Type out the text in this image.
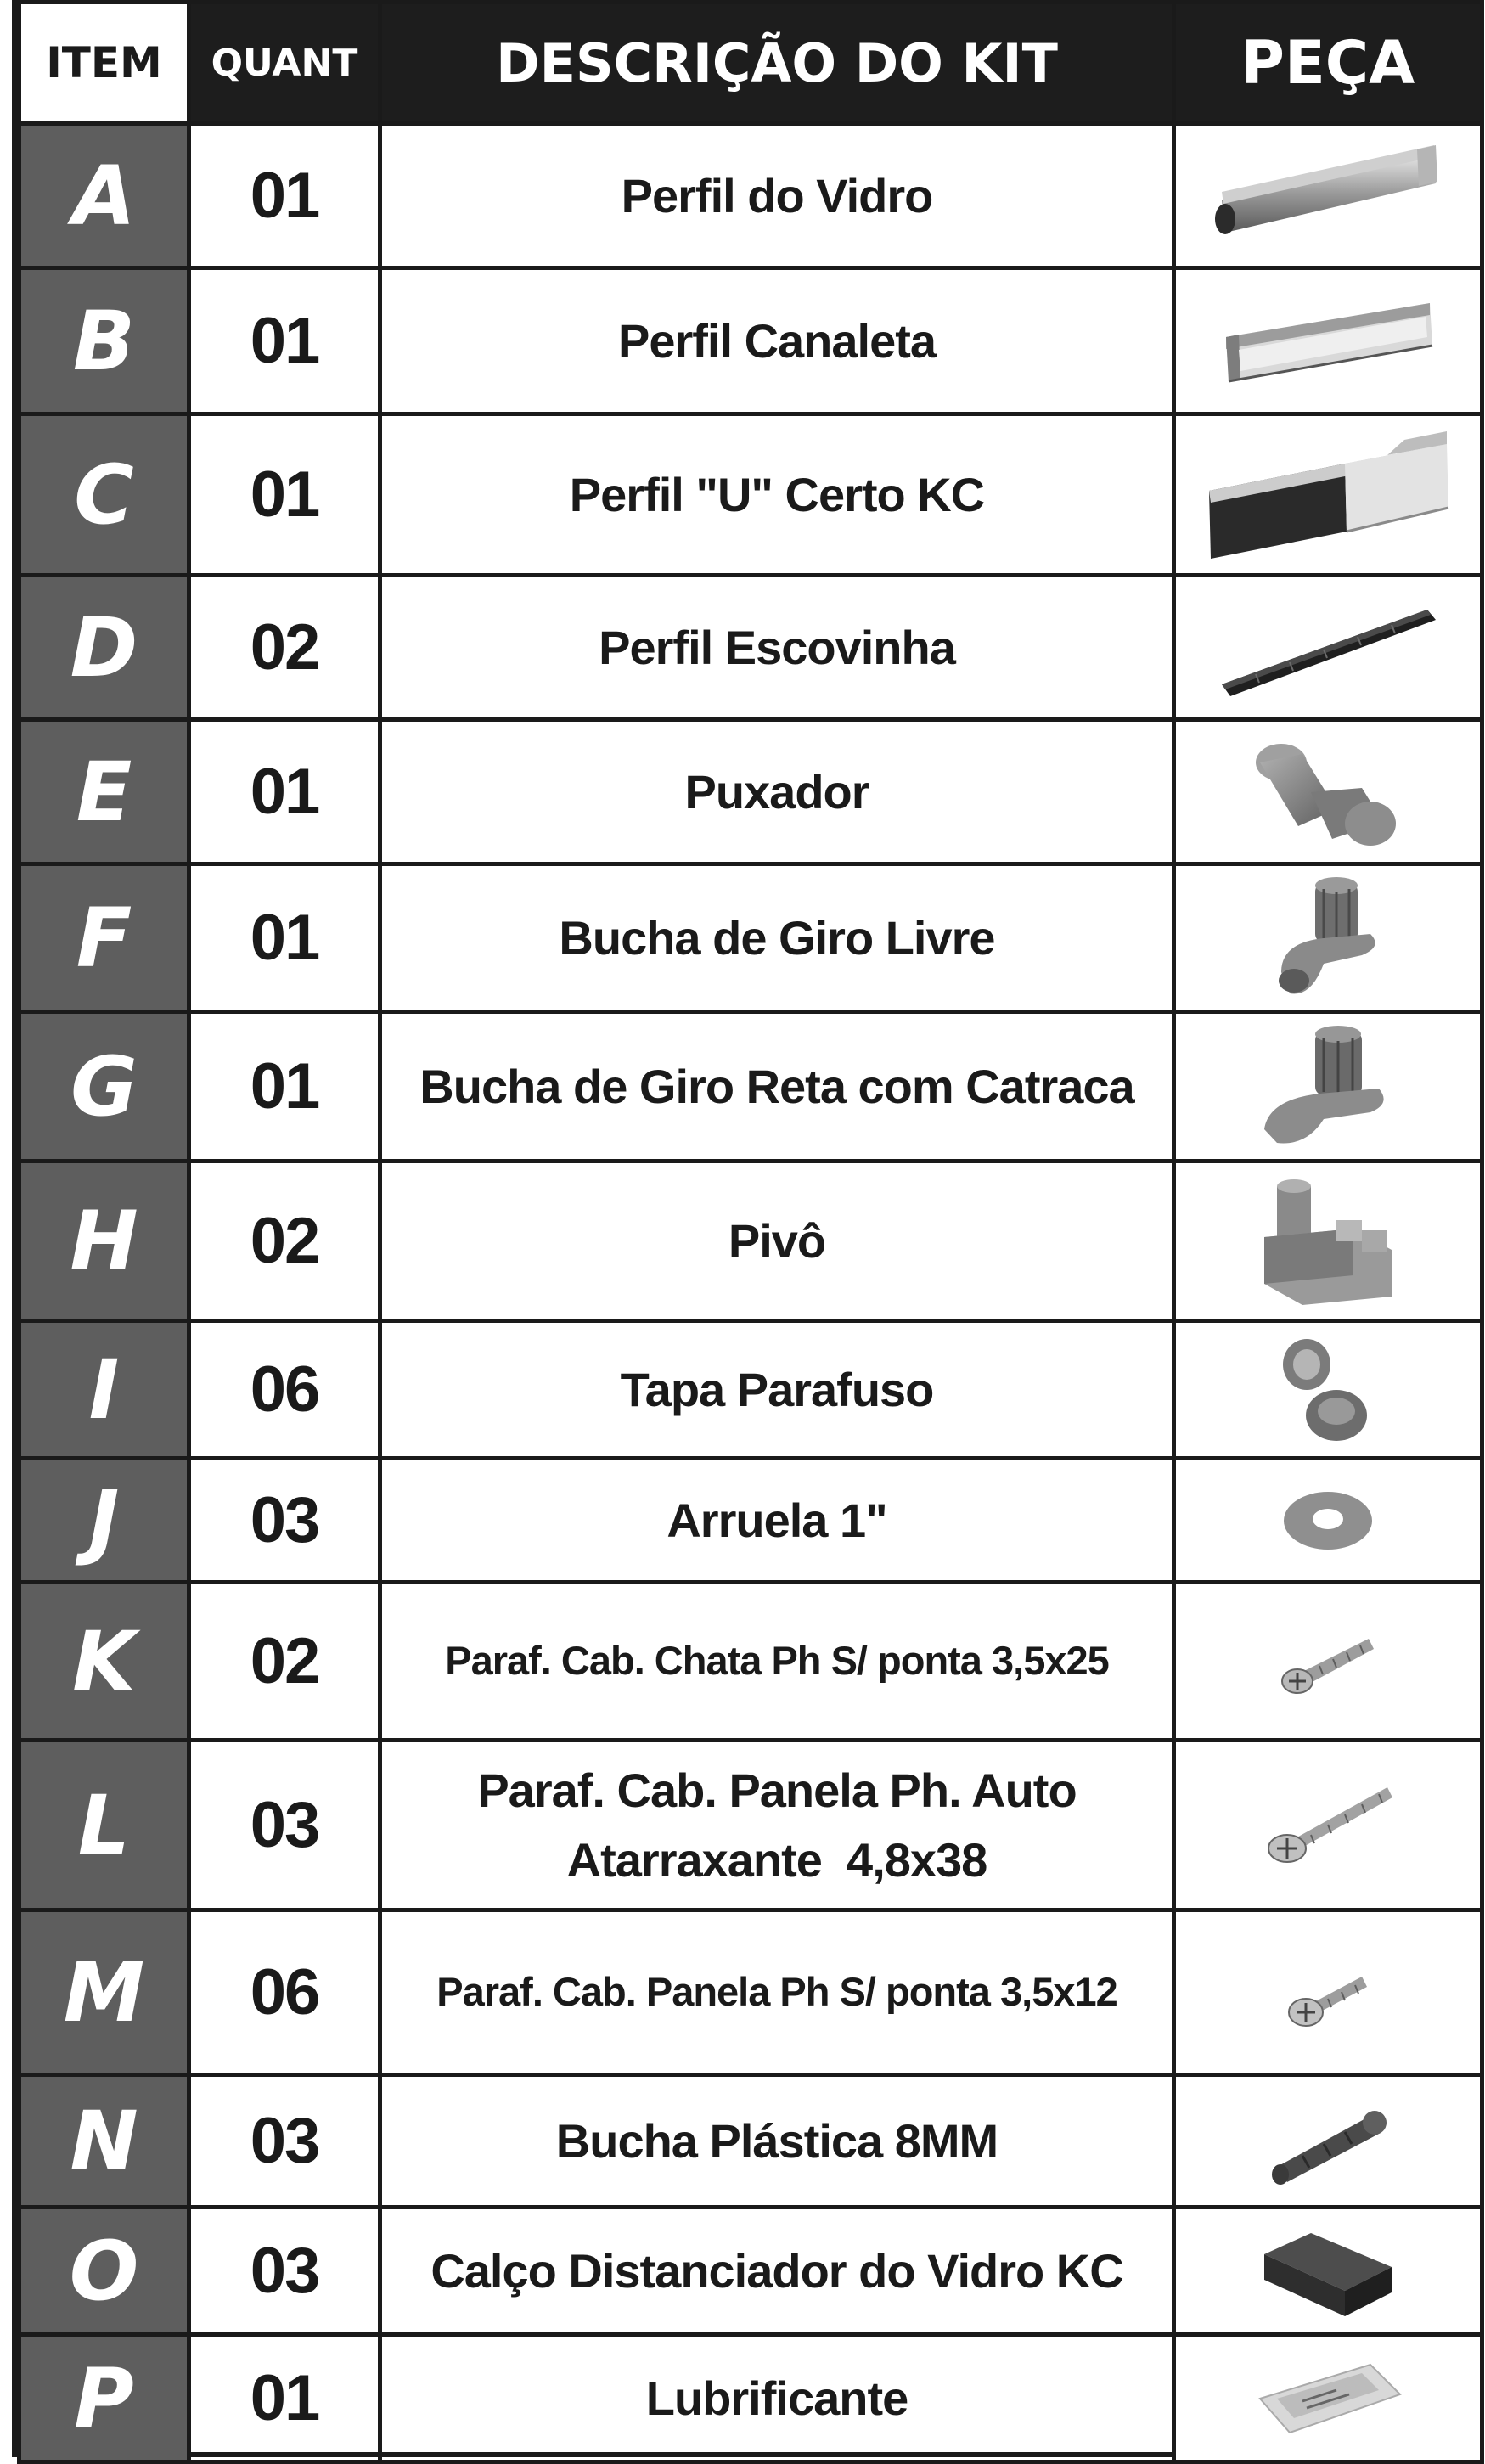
ITEM	QUANT	DESCRIÇÃO DO KIT	PEÇA
A	01	Perfil do Vidro	

B	01	Perfil Canaleta	

C	01	Perfil "U" Certo KC	

D	02	Perfil Escovinha	

E	01	Puxador	

F	01	Bucha de Giro Livre	

G	01	Bucha de Giro Reta com Catraca	

H	02	Pivô	

I	06	Tapa Parafuso	

J	03	Arruela 1"	

K	02	Paraf. Cab. Chata Ph S/ ponta 3,5x25	

L	03	Paraf. Cab. Panela Ph. Auto
Atarraxante  4,8x38

M	06	Paraf. Cab. Panela Ph S/ ponta 3,5x12	

N	03	Bucha Plástica 8MM	

O	03	Calço Distanciador do Vidro KC	

P	01	Lubrificante	
